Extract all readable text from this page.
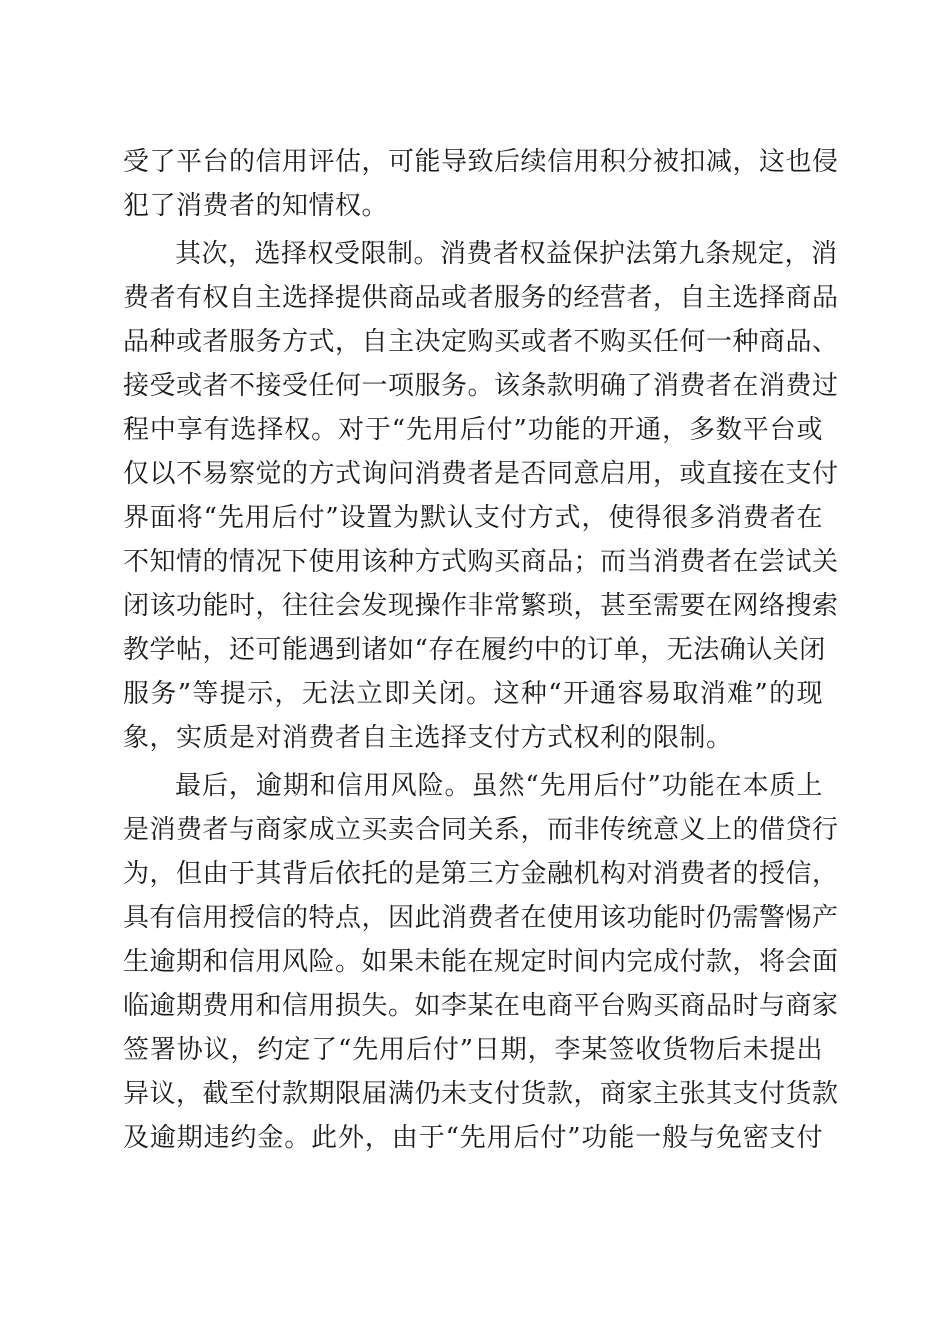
受了平台的信用评估，可能导致后续信用积分被扣减，这也侵
犯了消费者的知情权。
其次，选择权受限制。消费者权益保护法第九条规定，消
费者有权自主选择提供商品或者服务的经营者，自主选择商品
品种或者服务方式，自主决定购买或者不购买任何一种商品、
接受或者不接受任何一项服务。该条款明确了消费者在消费过
程中享有选择权。对于“先用后付”功能的开通，多数平台或
仅以不易察觉的方式询问消费者是否同意启用，或直接在支付
界面将“先用后付”设置为默认支付方式，使得很多消费者在
不知情的情况下使用该种方式购买商品；而当消费者在尝试关
闭该功能时，往往会发现操作非常繁琐，甚至需要在网络搜索
教学帖，还可能遇到诸如“存在履约中的订单，无法确认关闭
服务”等提示，无法立即关闭。这种“开通容易取消难”的现
象，实质是对消费者自主选择支付方式权利的限制。
最后，逾期和信用风险。虽然“先用后付”功能在本质上
是消费者与商家成立买卖合同关系，而非传统意义上的借贷行
为，但由于其背后依托的是第三方金融机构对消费者的授信，
具有信用授信的特点，因此消费者在使用该功能时仍需警惕产
生逾期和信用风险。如果未能在规定时间内完成付款，将会面
临逾期费用和信用损失。如李某在电商平台购买商品时与商家
签署协议，约定了“先用后付”日期，李某签收货物后未提出
异议，截至付款期限届满仍未支付货款，商家主张其支付货款
及逾期违约金。此外，由于“先用后付”功能一般与免密支付
